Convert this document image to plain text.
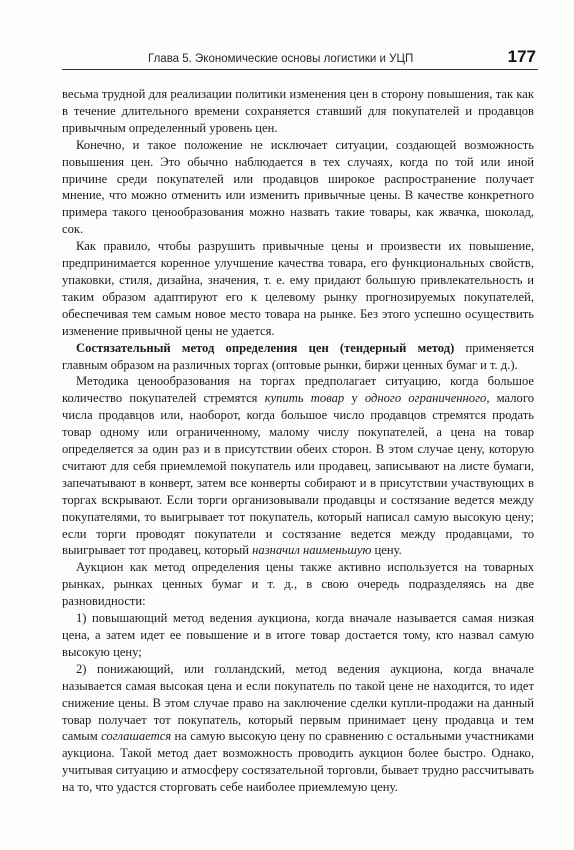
Глава 5. Экономические основы логистики и УЦП	177

весьма трудной для реализации политики изменения цен в сторону повышения, так как в течение длительного времени сохраняется ставший для покупателей и продавцов привычным определенный уровень цен.

Конечно, и такое положение не исключает ситуации, создающей возможность повышения цен. Это обычно наблюдается в тех случаях, когда по той или иной причине среди покупателей или продавцов широкое распространение получает мнение, что можно отменить или изменить привычные цены. В качестве конкретного примера такого ценообразования можно назвать такие товары, как жвачка, шоколад, сок.

Как правило, чтобы разрушить привычные цены и произвести их повышение, предпринимается коренное улучшение качества товара, его функциональных свойств, упаковки, стиля, дизайна, значения, т. е. ему придают большую привлекательность и таким образом адаптируют его к целевому рынку прогнозируемых покупателей, обеспечивая тем самым новое место товара на рынке. Без этого успешно осуществить изменение привычной цены не удается.

Состязательный метод определения цен (тендерный метод) применяется главным образом на различных торгах (оптовые рынки, биржи ценных бумаг и т. д.).

Методика ценообразования на торгах предполагает ситуацию, когда большое количество покупателей стремятся купить товар у одного ограниченного, малого числа продавцов или, наоборот, когда большое число продавцов стремятся продать товар одному или ограниченному, малому числу покупателей, а цена на товар определяется за один раз и в присутствии обеих сторон. В этом случае цену, которую считают для себя приемлемой покупатель или продавец, записывают на листе бумаги, запечатывают в конверт, затем все конверты собирают и в присутствии участвующих в торгах вскрывают. Если торги организовывали продавцы и состязание ведется между покупателями, то выигрывает тот покупатель, который написал самую высокую цену; если торги проводят покупатели и состязание ведется между продавцами, то выигрывает тот продавец, который назначил наименьшую цену.

Аукцион как метод определения цены также активно используется на товарных рынках, рынках ценных бумаг и т. д., в свою очередь подразделяясь на две разновидности:

1) повышающий метод ведения аукциона, когда вначале называется самая низкая цена, а затем идет ее повышение и в итоге товар достается тому, кто назвал самую высокую цену;

2) понижающий, или голландский, метод ведения аукциона, когда вначале называется самая высокая цена и если покупатель по такой цене не находится, то идет снижение цены. В этом случае право на заключение сделки купли-продажи на данный товар получает тот покупатель, который первым принимает цену продавца и тем самым соглашается на самую высокую цену по сравнению с остальными участниками аукциона. Такой метод дает возможность проводить аукцион более быстро. Однако, учитывая ситуацию и атмосферу состязательной торговли, бывает трудно рассчитывать на то, что удастся сторговать себе наиболее приемлемую цену.
